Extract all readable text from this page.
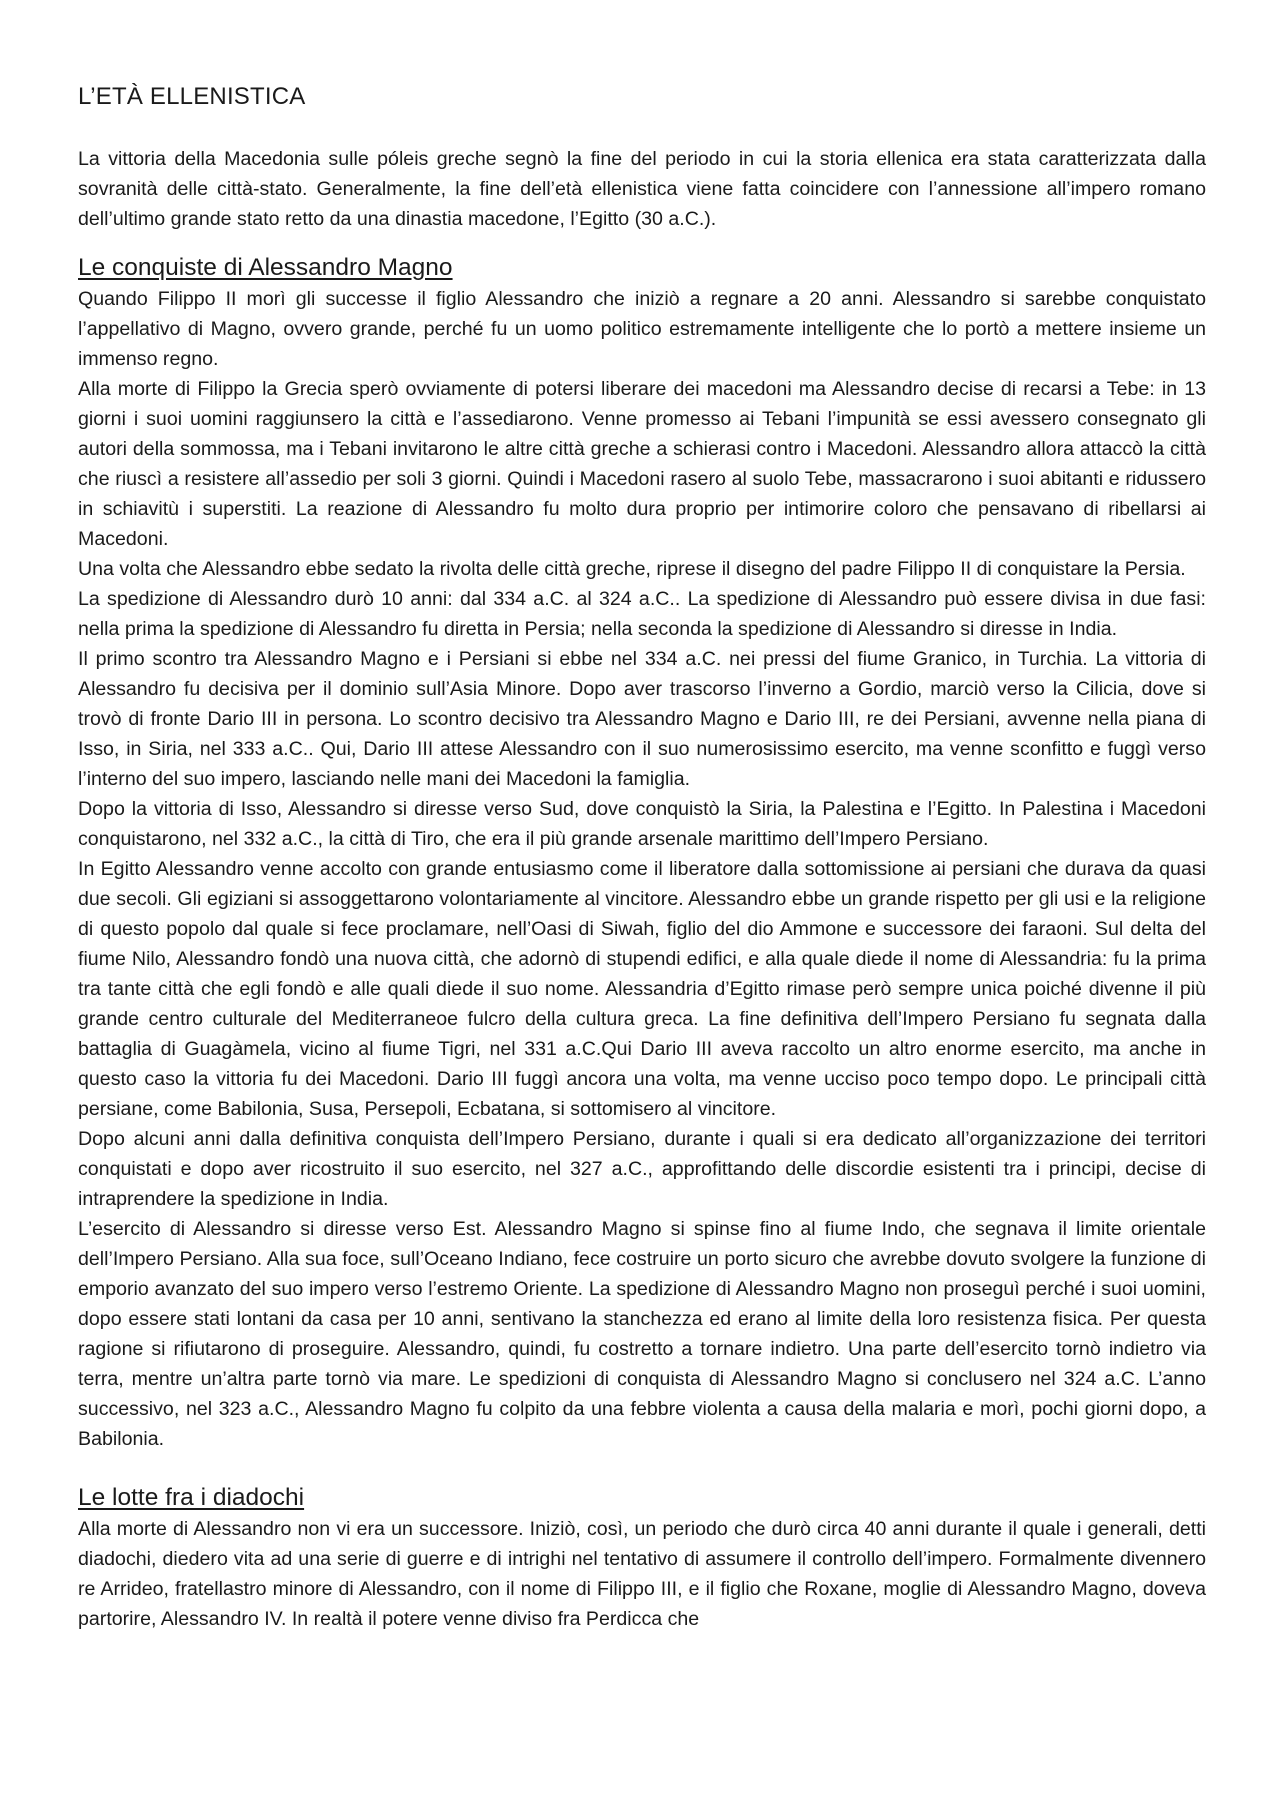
L’ETÀ ELLENISTICA

La vittoria della Macedonia sulle póleis greche segnò la fine del periodo in cui la storia ellenica era stata caratterizzata dalla sovranità delle città-stato. Generalmente, la fine dell’età ellenistica viene fatta coincidere con l’annessione all’impero romano dell’ultimo grande stato retto da una dinastia macedone, l’Egitto (30 a.C.).

Le conquiste di Alessandro Magno

Quando Filippo II morì gli successe il figlio Alessandro che iniziò a regnare a 20 anni. Alessandro si sarebbe conquistato l’appellativo di Magno, ovvero grande, perché fu un uomo politico estremamente intelligente che lo portò a mettere insieme un immenso regno.

Alla morte di Filippo la Grecia sperò ovviamente di potersi liberare dei macedoni ma Alessandro decise di recarsi a Tebe: in 13 giorni i suoi uomini raggiunsero la città e l’assediarono. Venne promesso ai Tebani l’impunità se essi avessero consegnato gli autori della sommossa, ma i Tebani invitarono le altre città greche a schierasi contro i Macedoni. Alessandro allora attaccò la città che riuscì a resistere all’assedio per soli 3 giorni. Quindi i Macedoni rasero al suolo Tebe, massacrarono i suoi abitanti e ridussero in schiavitù i superstiti. La reazione di Alessandro fu molto dura proprio per intimorire coloro che pensavano di ribellarsi ai Macedoni.

Una volta che Alessandro ebbe sedato la rivolta delle città greche, riprese il disegno del padre Filippo II di conquistare la Persia.

La spedizione di Alessandro durò 10 anni: dal 334 a.C. al 324 a.C.. La spedizione di Alessandro può essere divisa in due fasi: nella prima la spedizione di Alessandro fu diretta in Persia; nella seconda la spedizione di Alessandro si diresse in India.

Il primo scontro tra Alessandro Magno e i Persiani si ebbe nel 334 a.C. nei pressi del fiume Granico, in Turchia. La vittoria di Alessandro fu decisiva per il dominio sull’Asia Minore. Dopo aver trascorso l’inverno a Gordio, marciò verso la Cilicia, dove si trovò di fronte Dario III in persona. Lo scontro decisivo tra Alessandro Magno e Dario III, re dei Persiani, avvenne nella piana di Isso, in Siria, nel 333 a.C.. Qui, Dario III attese Alessandro con il suo numerosissimo esercito, ma venne sconfitto e fuggì verso l’interno del suo impero, lasciando nelle mani dei Macedoni la famiglia.

Dopo la vittoria di Isso, Alessandro si diresse verso Sud, dove conquistò la Siria, la Palestina e l’Egitto. In Palestina i Macedoni conquistarono, nel 332 a.C., la città di Tiro, che era il più grande arsenale marittimo dell’Impero Persiano.

In Egitto Alessandro venne accolto con grande entusiasmo come il liberatore dalla sottomissione ai persiani che durava da quasi due secoli. Gli egiziani si assoggettarono volontariamente al vincitore. Alessandro ebbe un grande rispetto per gli usi e la religione di questo popolo dal quale si fece proclamare, nell’Oasi di Siwah, figlio del dio Ammone e successore dei faraoni. Sul delta del fiume Nilo, Alessandro fondò una nuova città, che adornò di stupendi edifici, e alla quale diede il nome di Alessandria: fu la prima tra tante città che egli fondò e alle quali diede il suo nome. Alessandria d’Egitto rimase però sempre unica poiché divenne il più grande centro culturale del Mediterraneoe fulcro della cultura greca. La fine definitiva dell’Impero Persiano fu segnata dalla battaglia di Guagàmela, vicino al fiume Tigri, nel 331 a.C.Qui Dario III aveva raccolto un altro enorme esercito, ma anche in questo caso la vittoria fu dei Macedoni. Dario III fuggì ancora una volta, ma venne ucciso poco tempo dopo. Le principali città persiane, come Babilonia, Susa, Persepoli, Ecbatana, si sottomisero al vincitore.

Dopo alcuni anni dalla definitiva conquista dell’Impero Persiano, durante i quali si era dedicato all’organizzazione dei territori conquistati e dopo aver ricostruito il suo esercito, nel 327 a.C., approfittando delle discordie esistenti tra i principi, decise di intraprendere la spedizione in India.

L’esercito di Alessandro si diresse verso Est. Alessandro Magno si spinse fino al fiume Indo, che segnava il limite orientale dell’Impero Persiano. Alla sua foce, sull’Oceano Indiano, fece costruire un porto sicuro che avrebbe dovuto svolgere la funzione di emporio avanzato del suo impero verso l’estremo Oriente. La spedizione di Alessandro Magno non proseguì perché i suoi uomini, dopo essere stati lontani da casa per 10 anni, sentivano la stanchezza ed erano al limite della loro resistenza fisica. Per questa ragione si rifiutarono di proseguire. Alessandro, quindi, fu costretto a tornare indietro. Una parte dell’esercito tornò indietro via terra, mentre un’altra parte tornò via mare. Le spedizioni di conquista di Alessandro Magno si conclusero nel 324 a.C. L’anno successivo, nel 323 a.C., Alessandro Magno fu colpito da una febbre violenta a causa della malaria e morì, pochi giorni dopo, a Babilonia.

Le lotte fra i diadochi

Alla morte di Alessandro non vi era un successore. Iniziò, così, un periodo che durò circa 40 anni durante il quale i generali, detti diadochi, diedero vita ad una serie di guerre e di intrighi nel tentativo di assumere il controllo dell’impero. Formalmente divennero re Arrideo, fratellastro minore di Alessandro, con il nome di Filippo III, e il figlio che Roxane, moglie di Alessandro Magno, doveva partorire, Alessandro IV. In realtà il potere venne diviso fra Perdicca che
